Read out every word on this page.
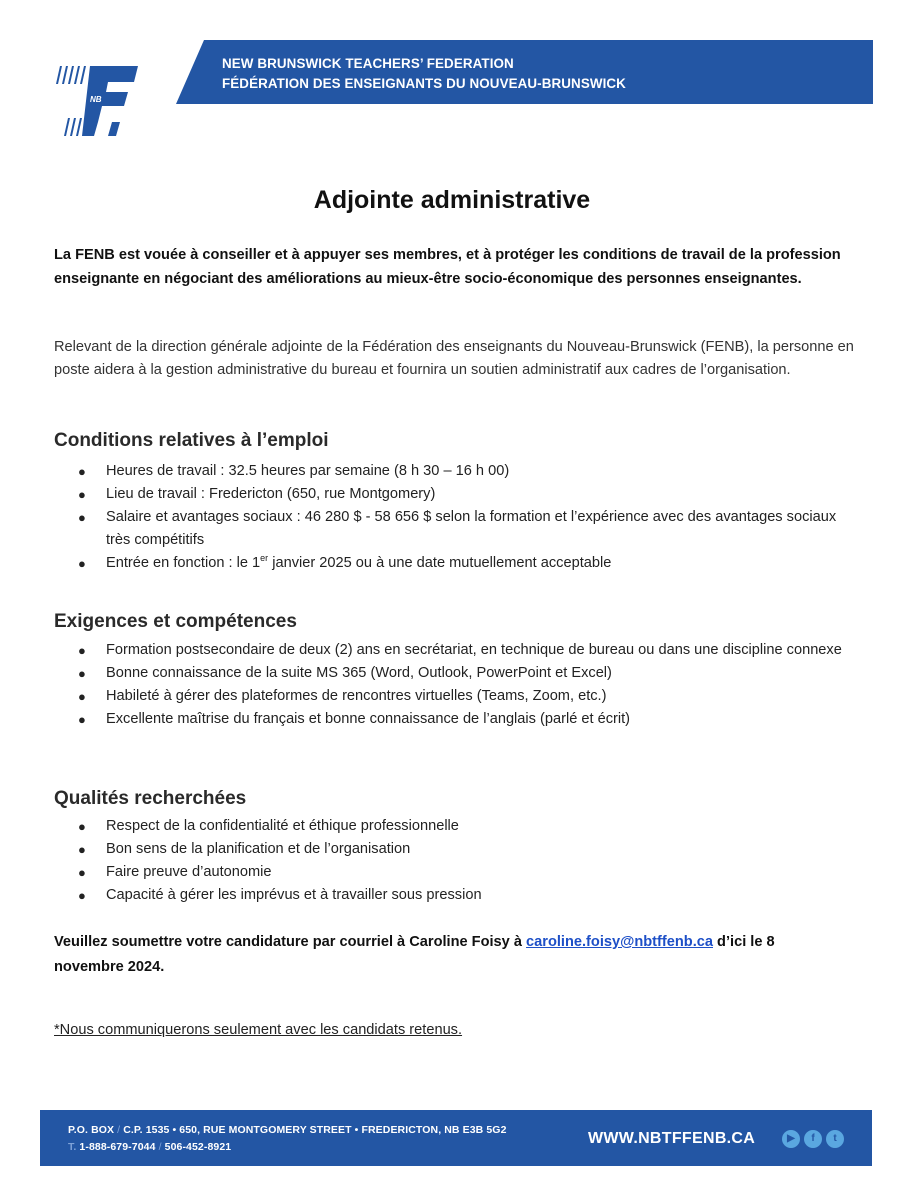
NB
NEW BRUNSWICK TEACHERS’ FEDERATION
FÉDÉRATION DES ENSEIGNANTS DU NOUVEAU-BRUNSWICK
Adjointe administrative
La FENB est vouée à conseiller et à appuyer ses membres, et à protéger les conditions de travail de la profession enseignante en négociant des améliorations au mieux-être socio-économique des personnes enseignantes.
Relevant de la direction générale adjointe de la Fédération des enseignants du Nouveau-Brunswick (FENB), la personne en poste aidera à la gestion administrative du bureau et fournira un soutien administratif aux cadres de l’organisation.
Conditions relatives à l’emploi
● Heures de travail : 32.5 heures par semaine (8 h 30 – 16 h 00)
● Lieu de travail : Fredericton (650, rue Montgomery)
● Salaire et avantages sociaux : 46 280 $ - 58 656 $ selon la formation et l’expérience avec des avantages sociaux très compétitifs
● Entrée en fonction : le 1er janvier 2025 ou à une date mutuellement acceptable
Exigences et compétences
● Formation postsecondaire de deux (2) ans en secrétariat, en technique de bureau ou dans une discipline connexe
● Bonne connaissance de la suite MS 365 (Word, Outlook, PowerPoint et Excel)
● Habileté à gérer des plateformes de rencontres virtuelles (Teams, Zoom, etc.)
● Excellente maîtrise du français et bonne connaissance de l’anglais (parlé et écrit)
Qualités recherchées
● Respect de la confidentialité et éthique professionnelle
● Bon sens de la planification et de l’organisation
● Faire preuve d’autonomie
● Capacité à gérer les imprévus et à travailler sous pression
Veuillez soumettre votre candidature par courriel à Caroline Foisy à caroline.foisy@nbtffenb.ca d’ici le 8 novembre 2024.
*Nous communiquerons seulement avec les candidats retenus.
P.O. BOX / C.P. 1535 • 650, RUE MONTGOMERY STREET • FREDERICTON, NB E3B 5G2
T. 1-888-679-7044 / 506-452-8921	WWW.NBTFFENB.CA	▶	f	t
